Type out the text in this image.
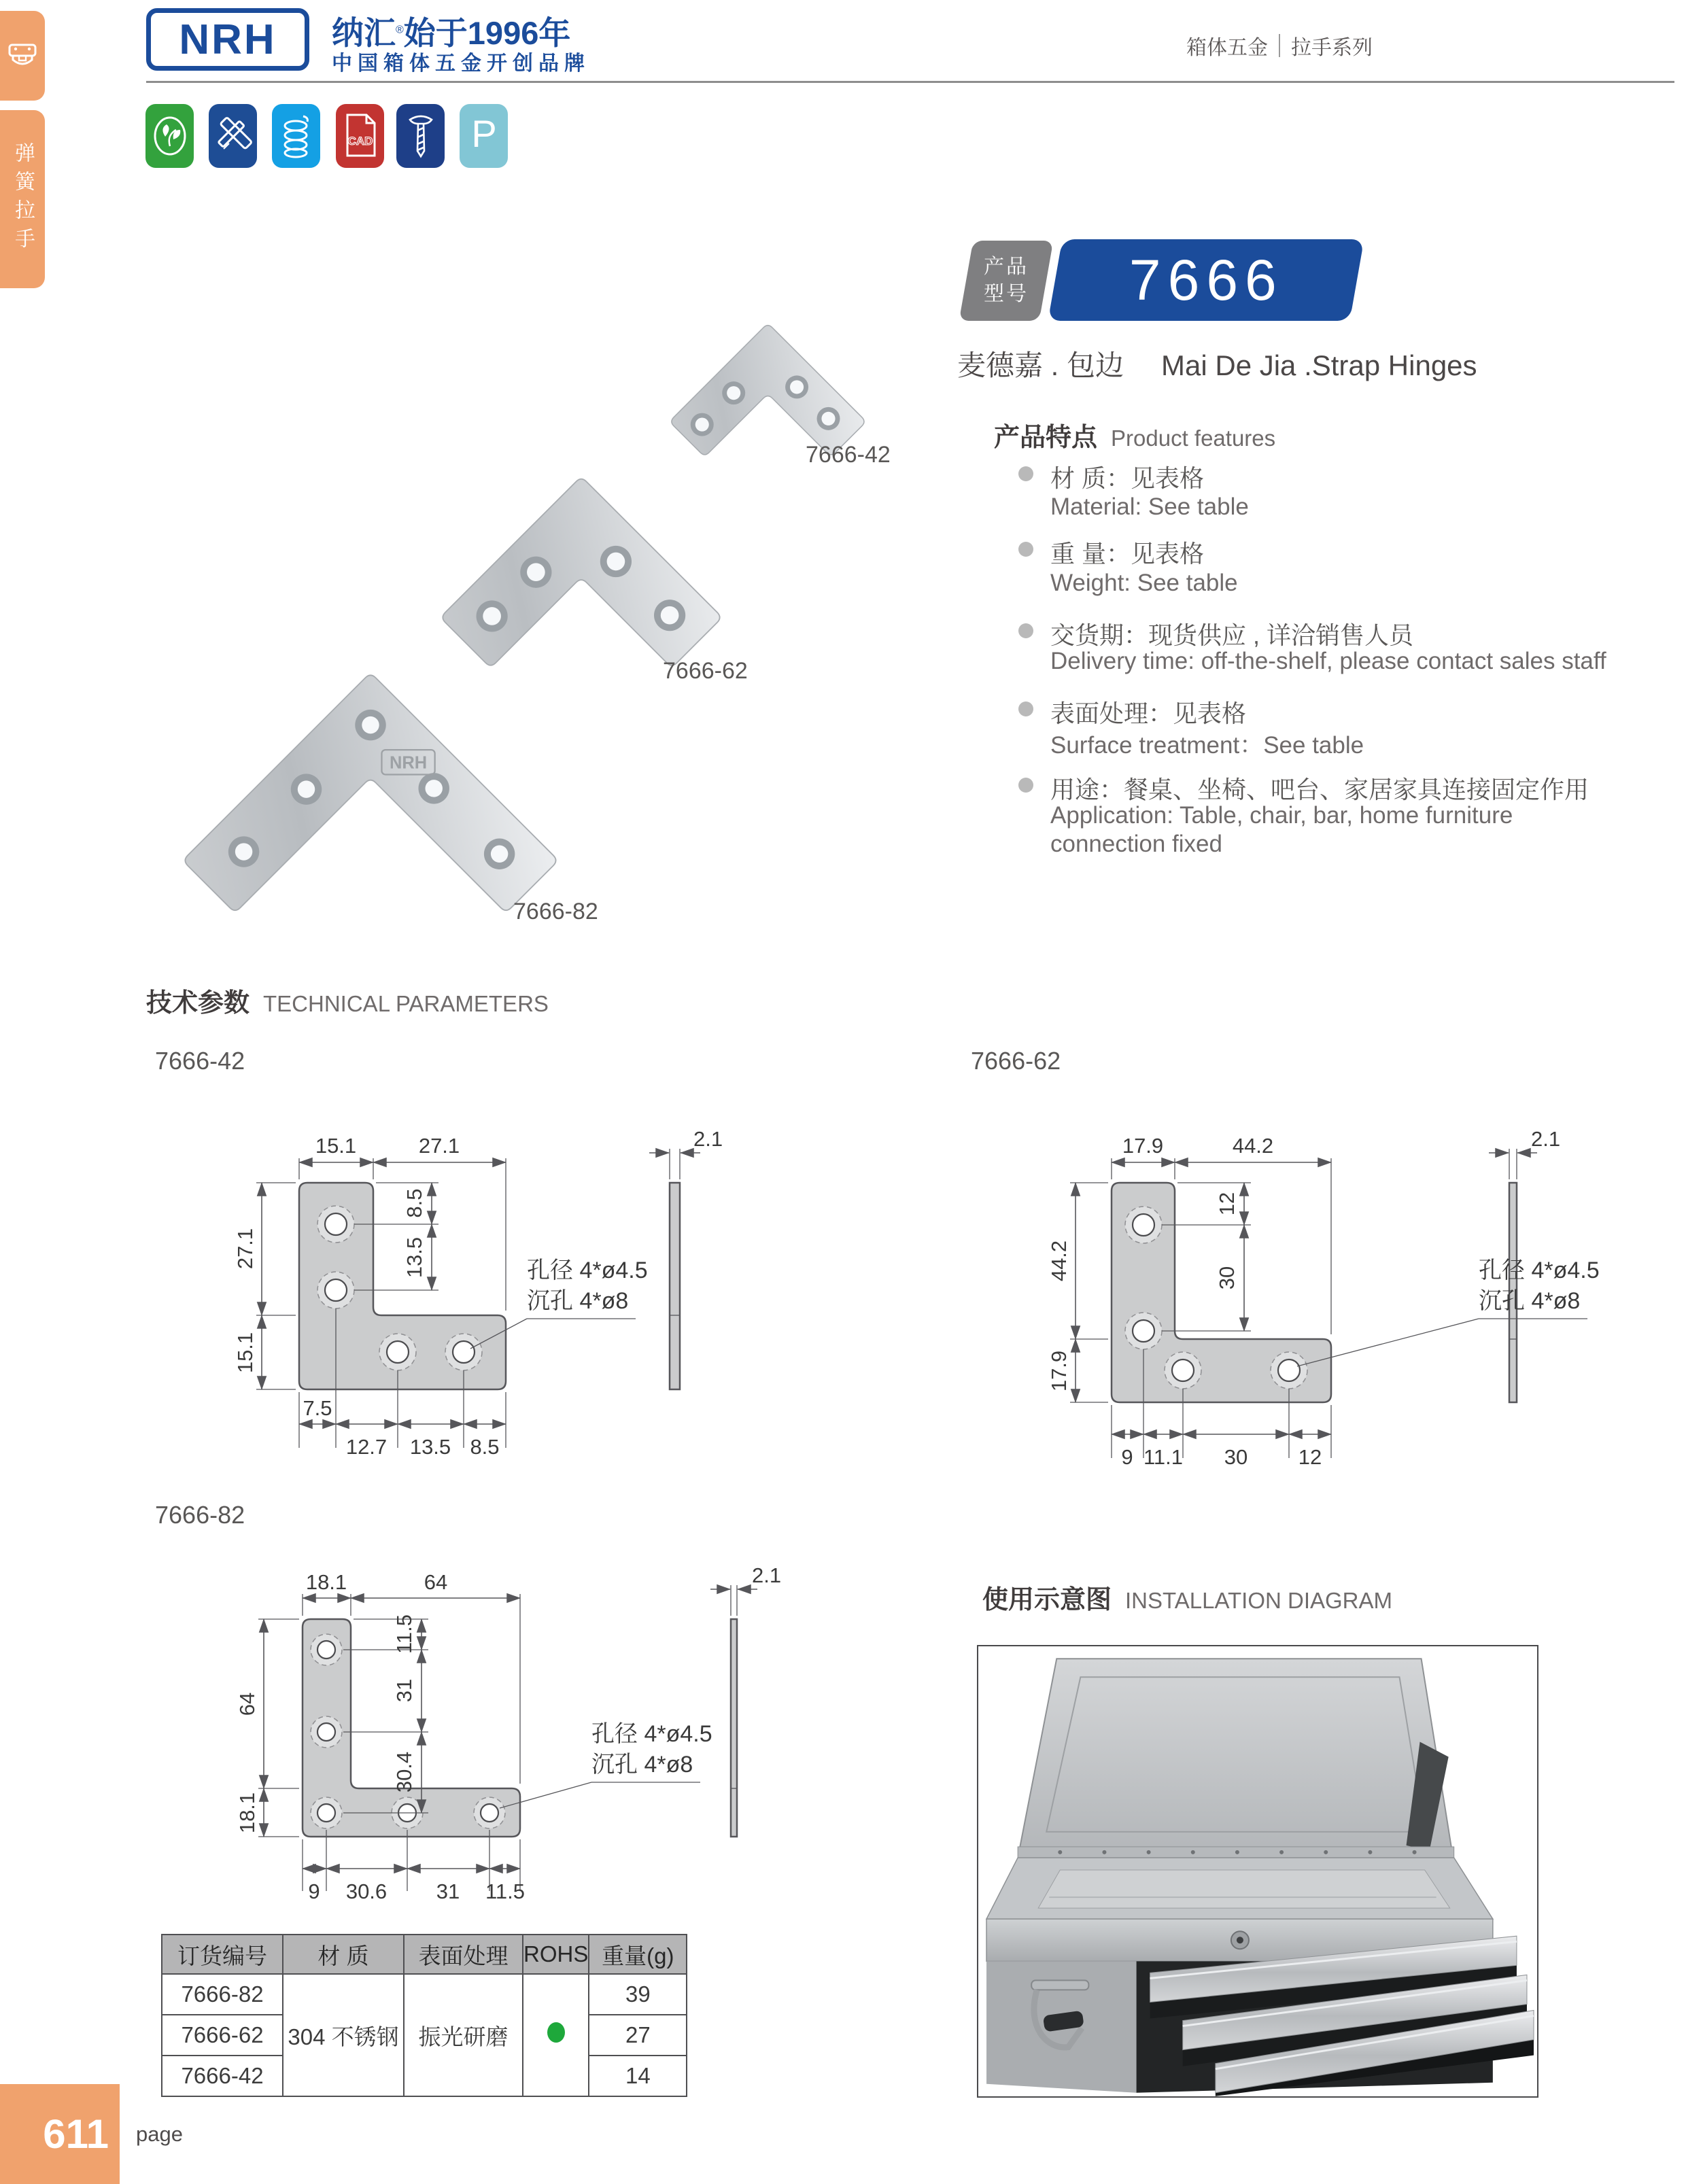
弹簧拉手
NRH 纳汇®始于1996年
中国箱体五金开创品牌
箱体五金 拉手系列
CAD	P
7666-42
7666-62
NRH
7666-82
产品
型号 7666
麦德嘉 . 包边 Mai De Jia .Strap Hinges
产品特点 Product features
材 质：见表格
Material: See table
重 量：见表格
Weight: See table
交货期：现货供应 , 详洽销售人员
Delivery time: off-the-shelf, please contact sales staff
表面处理：见表格
Surface treatment：See table
用途：餐桌、坐椅、吧台、家居家具连接固定作用
Application: Table, chair, bar, home furniture
connection fixed
技术参数 TECHNICAL PARAMETERS
7666-42
15.1	27.1
27.1
15.1
8.5
13.5
7.5
12.7 13.5 8.5
2.1
孔径 4*ø4.5
沉孔 4*ø8
7666-62
17.9	44.2
44.2
17.9
12
30
9 11.1 30 12
2.1
孔径 4*ø4.5
沉孔 4*ø8
7666-82
18.1	64
64
18.1
11.5
31
30.4
9 30.6 31 11.5
2.1
孔径 4*ø4.5
沉孔 4*ø8
使用示意图 INSTALLATION DIAGRAM
订货编号	材 质	表面处理	ROHS	重量(g)
7666-82	304 不锈钢	振光研磨		39
7666-62				27
7666-42				14
611 page
